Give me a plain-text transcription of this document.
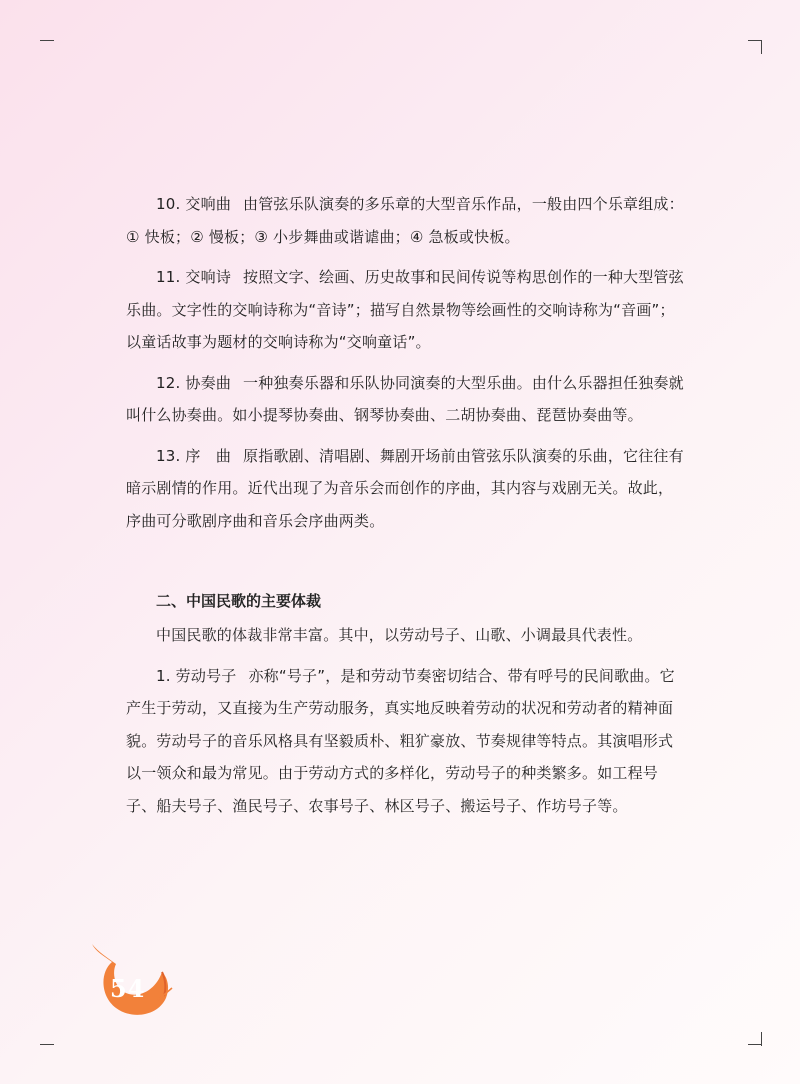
10. 交响曲 由管弦乐队演奏的多乐章的大型音乐作品，一般由四个乐章组成：① 快板；② 慢板；③ 小步舞曲或谐谑曲；④ 急板或快板。

11. 交响诗 按照文字、绘画、历史故事和民间传说等构思创作的一种大型管弦乐曲。文字性的交响诗称为“音诗”；描写自然景物等绘画性的交响诗称为“音画”；以童话故事为题材的交响诗称为“交响童话”。

12. 协奏曲 一种独奏乐器和乐队协同演奏的大型乐曲。由什么乐器担任独奏就叫什么协奏曲。如小提琴协奏曲、钢琴协奏曲、二胡协奏曲、琵琶协奏曲等。

13. 序　曲 原指歌剧、清唱剧、舞剧开场前由管弦乐队演奏的乐曲，它往往有暗示剧情的作用。近代出现了为音乐会而创作的序曲，其内容与戏剧无关。故此，序曲可分歌剧序曲和音乐会序曲两类。

二、中国民歌的主要体裁

中国民歌的体裁非常丰富。其中，以劳动号子、山歌、小调最具代表性。

1. 劳动号子 亦称“号子”，是和劳动节奏密切结合、带有呼号的民间歌曲。它产生于劳动，又直接为生产劳动服务，真实地反映着劳动的状况和劳动者的精神面貌。劳动号子的音乐风格具有坚毅质朴、粗犷豪放、节奏规律等特点。其演唱形式以一领众和最为常见。由于劳动方式的多样化，劳动号子的种类繁多。如工程号子、船夫号子、渔民号子、农事号子、林区号子、搬运号子、作坊号子等。

54
